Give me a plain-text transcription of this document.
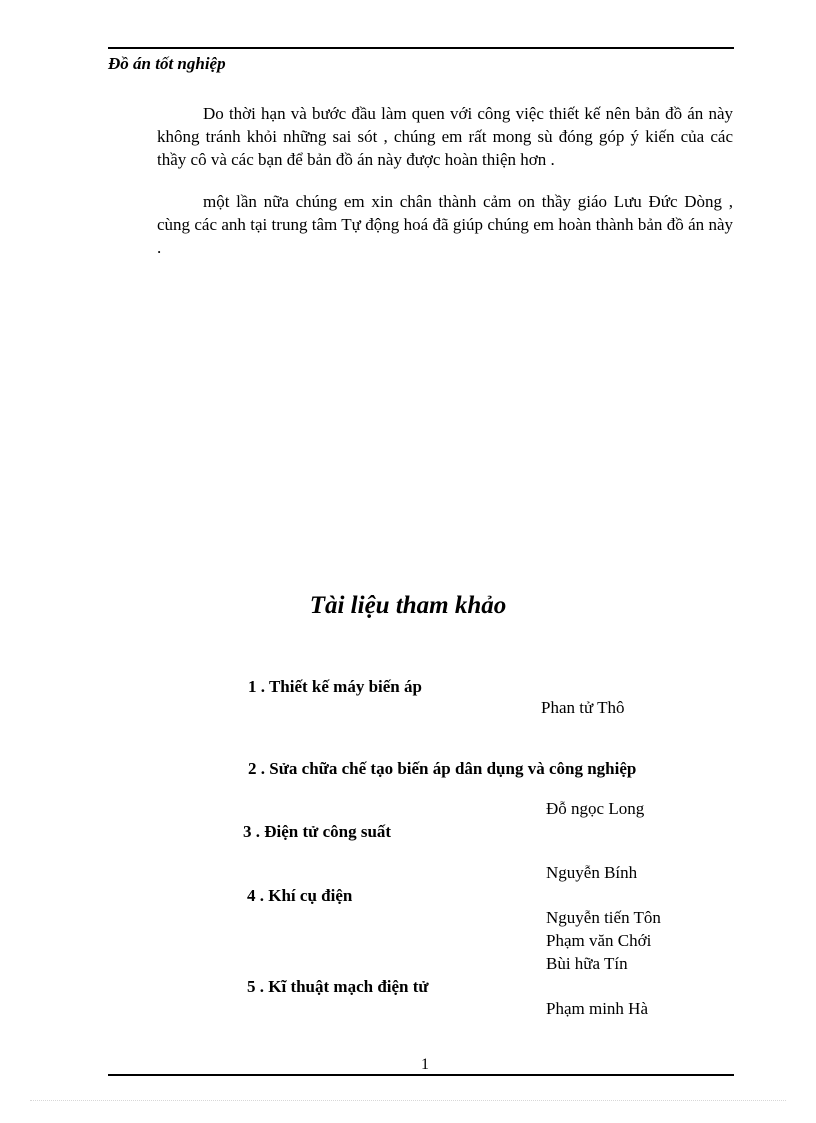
Đồ án tốt nghiệp

Do thời hạn và bước đầu làm quen với công việc thiết kế nên bản đồ án này không tránh khỏi những sai sót , chúng em rất mong sù đóng góp ý kiến của các thầy cô và các bạn để bản đồ án này được hoàn thiện hơn .

một lần nữa chúng em xin chân thành cảm on thầy giáo Lưu Đức Dòng , cùng các anh tại trung tâm Tự động hoá đã giúp chúng em hoàn thành bản đồ án này .

Tài liệu tham khảo
1 . Thiết kế máy biến áp
Phan tử Thô
2 . Sửa chữa chế tạo biến áp dân dụng và công nghiệp
Đỗ ngọc Long
3 . Điện tử công suất
Nguyễn Bính
4 . Khí cụ điện
Nguyễn tiến Tôn
Phạm văn Chới
Bùi hữa Tín
5 . Kĩ thuật mạch điện tử
Phạm minh Hà
1
